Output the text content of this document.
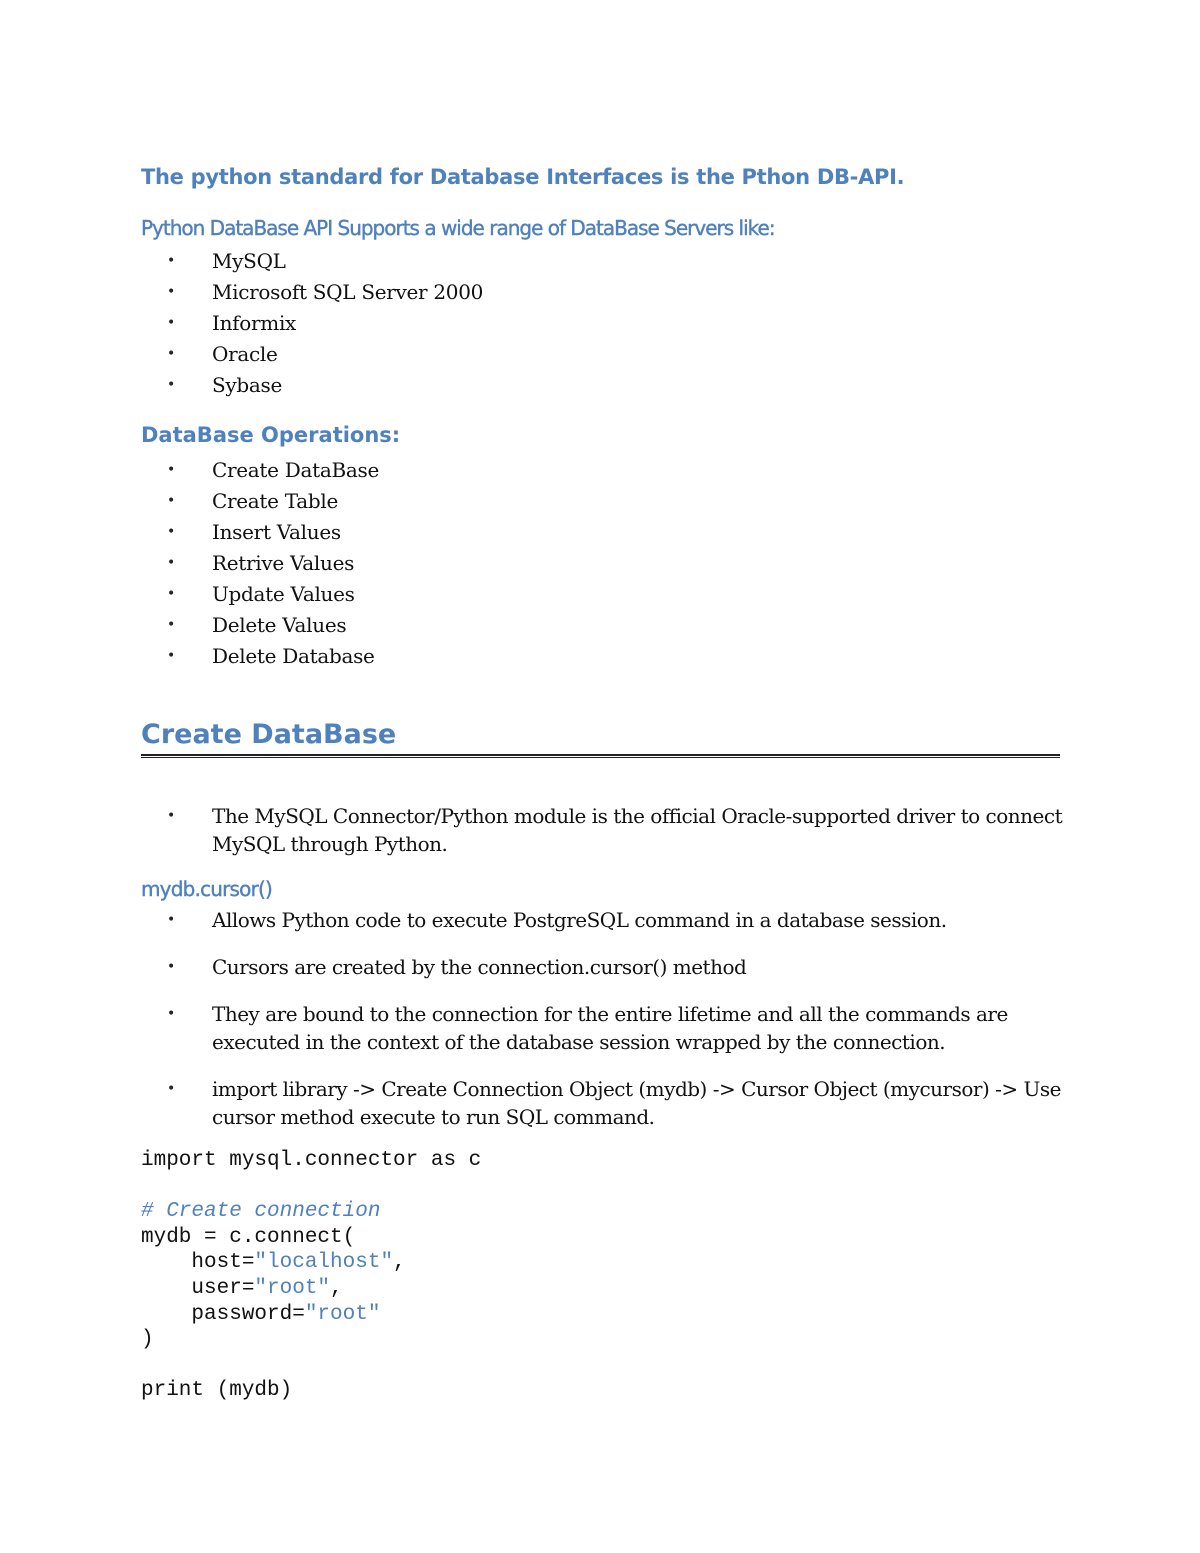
The python standard for Database Interfaces is the Pthon DB-API.
Python DataBase API Supports a wide range of DataBase Servers like:
• MySQL
• Microsoft SQL Server 2000
• Informix
• Oracle
• Sybase
DataBase Operations:
• Create DataBase
• Create Table
• Insert Values
• Retrive Values
• Update Values
• Delete Values
• Delete Database
Create DataBase
• The MySQL Connector/Python module is the official Oracle-supported driver to connect MySQL through Python.
mydb.cursor()
• Allows Python code to execute PostgreSQL command in a database session.
• Cursors are created by the connection.cursor() method
• They are bound to the connection for the entire lifetime and all the commands are executed in the context of the database session wrapped by the connection.
• import library -> Create Connection Object (mydb) -> Cursor Object (mycursor) -> Use cursor method execute to run SQL command.
import mysql.connector as c

# Create connection
mydb = c.connect(
host="localhost",
user="root",
password="root"
)

print (mydb)
